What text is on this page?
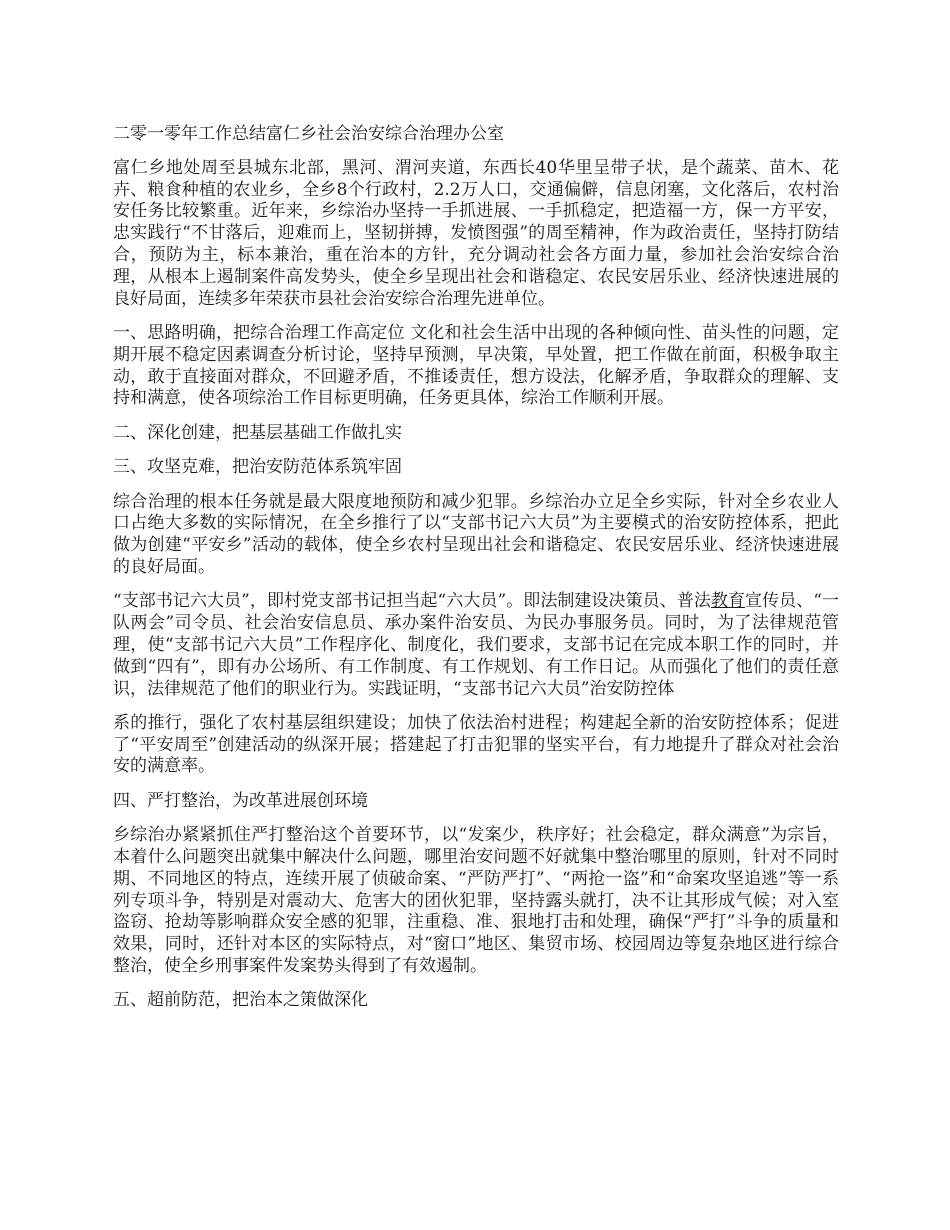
二零一零年工作总结富仁乡社会治安综合治理办公室

富仁乡地处周至县城东北部，黑河、渭河夹道，东西长40华里呈带子状，是个蔬菜、苗木、花卉、粮食种植的农业乡，全乡8个行政村，2.2万人口，交通偏僻，信息闭塞，文化落后，农村治安任务比较繁重。近年来，乡综治办坚持一手抓进展、一手抓稳定，把造福一方，保一方平安，忠实践行“不甘落后，迎难而上，坚韧拼搏，发愤图强”的周至精神，作为政治责任，坚持打防结合，预防为主，标本兼治，重在治本的方针，充分调动社会各方面力量，参加社会治安综合治理，从根本上遏制案件高发势头，使全乡呈现出社会和谐稳定、农民安居乐业、经济快速进展的良好局面，连续多年荣获市县社会治安综合治理先进单位。

一、思路明确，把综合治理工作高定位 文化和社会生活中出现的各种倾向性、苗头性的问题，定期开展不稳定因素调查分析讨论，坚持早预测，早决策，早处置，把工作做在前面，积极争取主动，敢于直接面对群众，不回避矛盾，不推诿责任，想方设法，化解矛盾，争取群众的理解、支持和满意，使各项综治工作目标更明确，任务更具体，综治工作顺利开展。

二、深化创建，把基层基础工作做扎实

三、攻坚克难，把治安防范体系筑牢固

综合治理的根本任务就是最大限度地预防和减少犯罪。乡综治办立足全乡实际，针对全乡农业人口占绝大多数的实际情况，在全乡推行了以“支部书记六大员”为主要模式的治安防控体系，把此做为创建“平安乡”活动的载体，使全乡农村呈现出社会和谐稳定、农民安居乐业、经济快速进展的良好局面。

“支部书记六大员”，即村党支部书记担当起“六大员”。即法制建设决策员、普法教育宣传员、“一队两会”司令员、社会治安信息员、承办案件治安员、为民办事服务员。同时，为了法律规范管理，使“支部书记六大员”工作程序化、制度化，我们要求，支部书记在完成本职工作的同时，并做到“四有”，即有办公场所、有工作制度、有工作规划、有工作日记。从而强化了他们的责任意识，法律规范了他们的职业行为。实践证明，“支部书记六大员”治安防控体

系的推行，强化了农村基层组织建设；加快了依法治村进程；构建起全新的治安防控体系；促进了“平安周至”创建活动的纵深开展；搭建起了打击犯罪的坚实平台，有力地提升了群众对社会治安的满意率。

四、严打整治，为改革进展创环境

乡综治办紧紧抓住严打整治这个首要环节，以“发案少，秩序好；社会稳定，群众满意”为宗旨，本着什么问题突出就集中解决什么问题，哪里治安问题不好就集中整治哪里的原则，针对不同时期、不同地区的特点，连续开展了侦破命案、“严防严打”、“两抢一盗”和“命案攻坚追逃”等一系列专项斗争，特别是对震动大、危害大的团伙犯罪，坚持露头就打，决不让其形成气候；对入室盗窃、抢劫等影响群众安全感的犯罪，注重稳、准、狠地打击和处理，确保“严打”斗争的质量和效果，同时，还针对本区的实际特点，对“窗口”地区、集贸市场、校园周边等复杂地区进行综合整治，使全乡刑事案件发案势头得到了有效遏制。

五、超前防范，把治本之策做深化
